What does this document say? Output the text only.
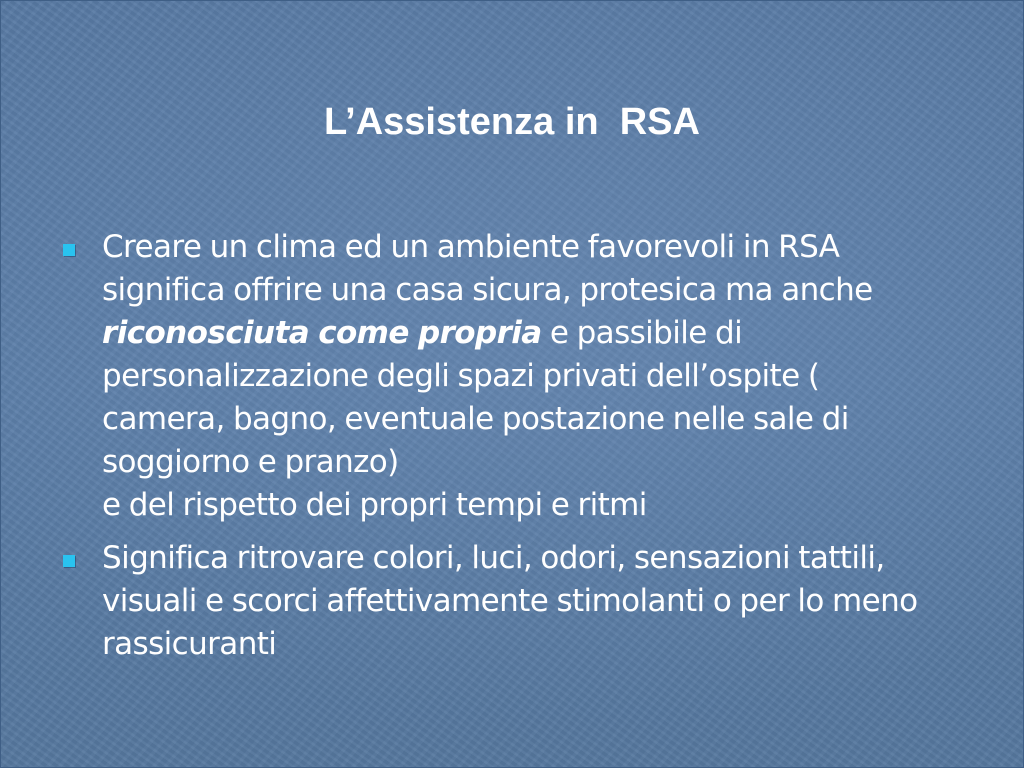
L’Assistenza in  RSA
Creare un clima ed un ambiente favorevoli in RSA significa offrire una casa sicura, protesica ma anche riconosciuta come propria e passibile di personalizzazione degli spazi privati dell’ospite ( camera, bagno, eventuale postazione nelle sale di soggiorno e pranzo)
e del rispetto dei propri tempi e ritmi
Significa ritrovare colori, luci, odori, sensazioni tattili, visuali e scorci affettivamente stimolanti o per lo meno rassicuranti
